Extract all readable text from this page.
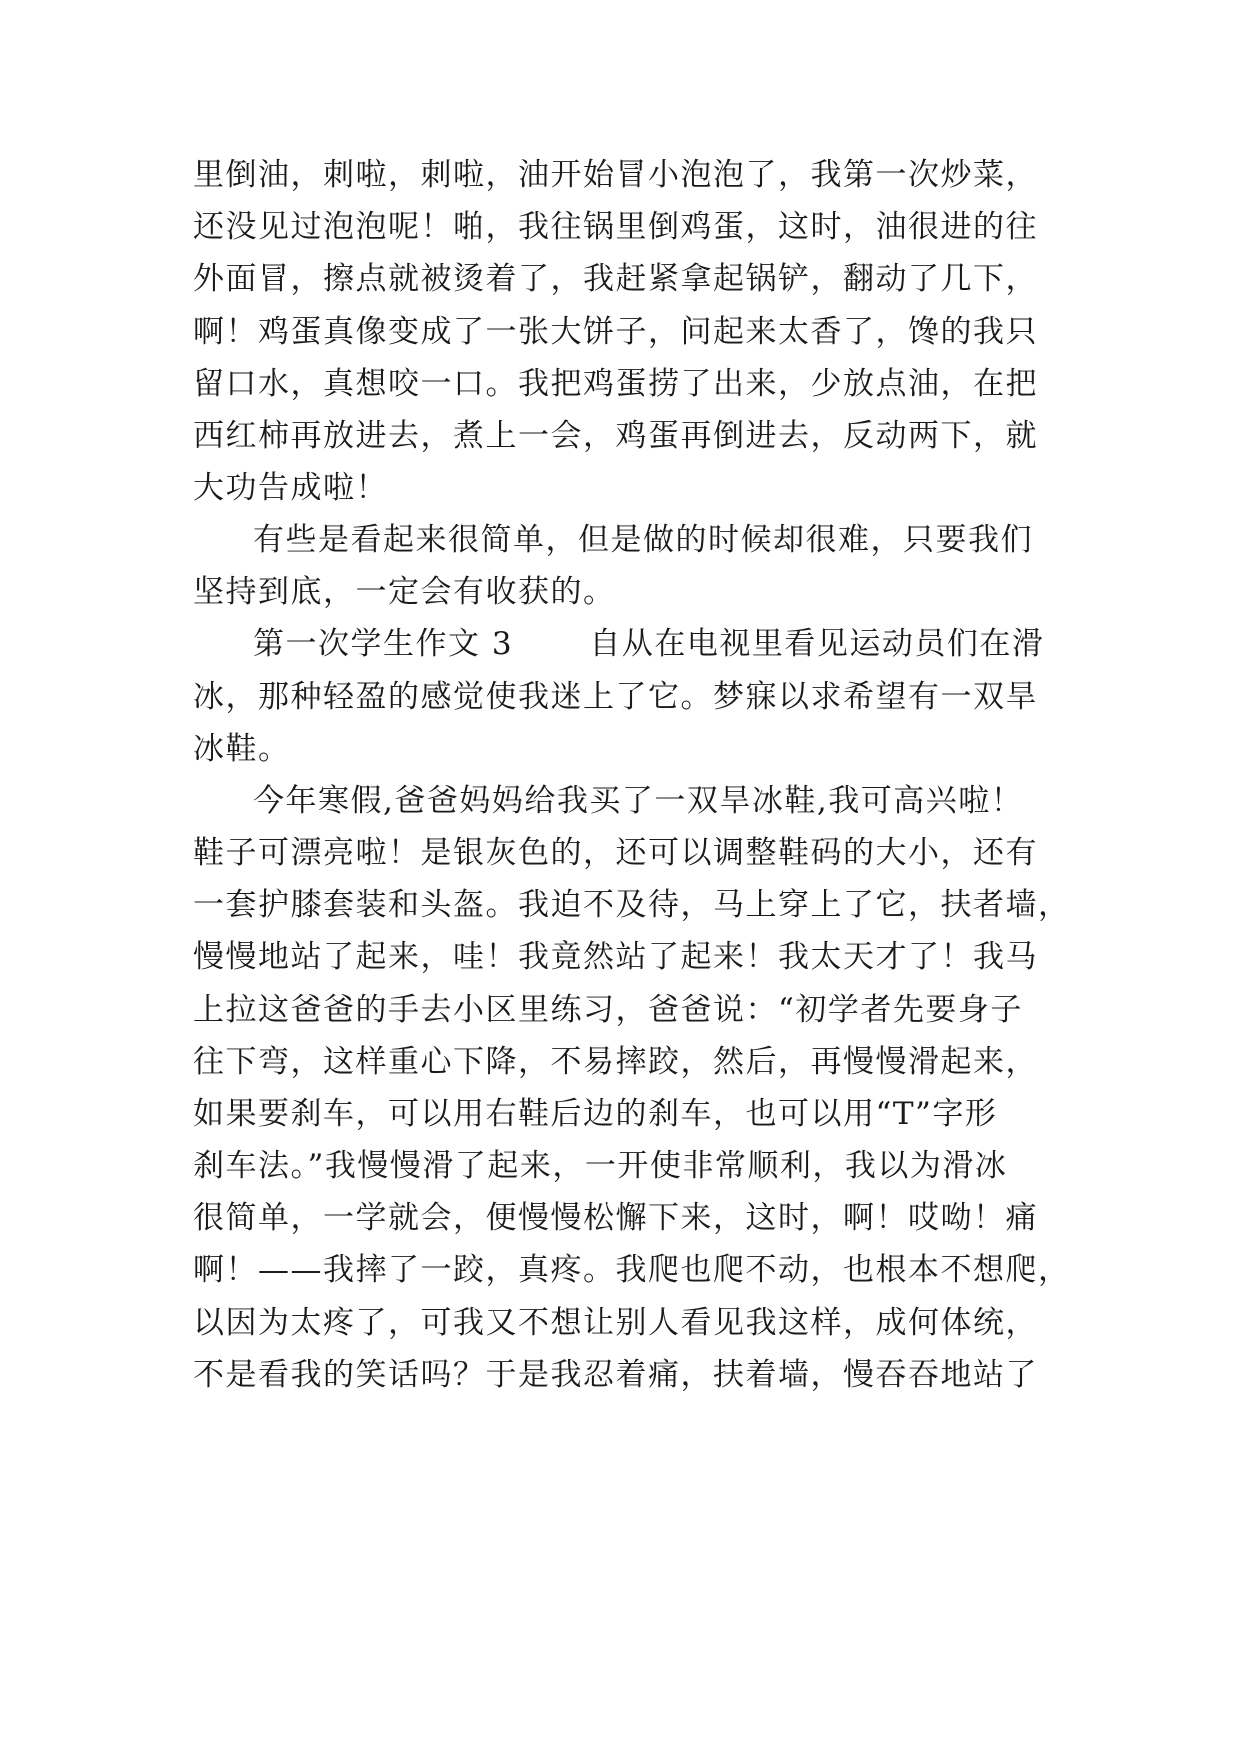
里倒油，刺啦，刺啦，油开始冒小泡泡了，我第一次炒菜，
还没见过泡泡呢！啪，我往锅里倒鸡蛋，这时，油很进的往
外面冒，擦点就被烫着了，我赶紧拿起锅铲，翻动了几下，
啊！鸡蛋真像变成了一张大饼子，问起来太香了，馋的我只
留口水，真想咬一口。我把鸡蛋捞了出来，少放点油，在把
西红柿再放进去，煮上一会，鸡蛋再倒进去，反动两下，就
大功告成啦！
有些是看起来很简单，但是做的时候却很难，只要我们
坚持到底，一定会有收获的。
第一次学生作文 3　　 自从在电视里看见运动员们在滑
冰，那种轻盈的感觉使我迷上了它。梦寐以求希望有一双旱
冰鞋。
今年寒假,爸爸妈妈给我买了一双旱冰鞋,我可高兴啦！
鞋子可漂亮啦！是银灰色的，还可以调整鞋码的大小，还有
一套护膝套装和头盔。我迫不及待，马上穿上了它，扶者墙，
慢慢地站了起来，哇！我竟然站了起来！我太天才了！我马
上拉这爸爸的手去小区里练习，爸爸说：“初学者先要身子
往下弯，这样重心下降，不易摔跤，然后，再慢慢滑起来，
如果要刹车，可以用右鞋后边的刹车，也可以用“T”字形
刹车法。”我慢慢滑了起来，一开使非常顺利，我以为滑冰
很简单，一学就会，便慢慢松懈下来，这时，啊！哎呦！痛
啊！——我摔了一跤，真疼。我爬也爬不动，也根本不想爬，
以因为太疼了，可我又不想让别人看见我这样，成何体统，
不是看我的笑话吗？于是我忍着痛，扶着墙，慢吞吞地站了
